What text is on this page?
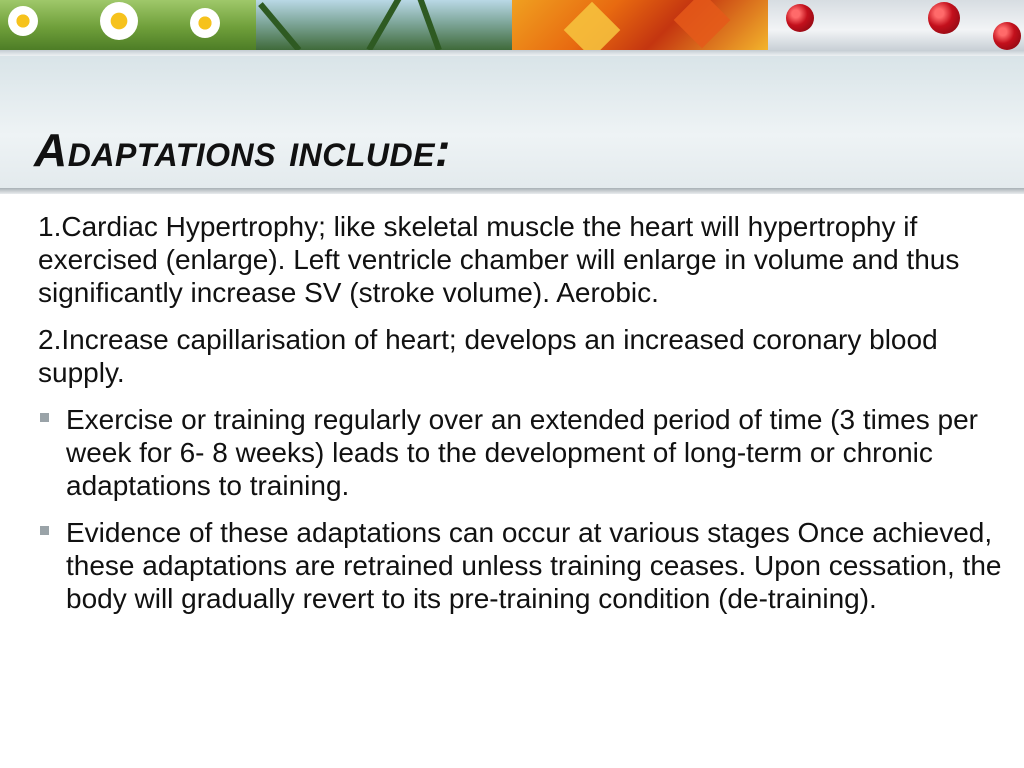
Adaptations include:

1.Cardiac Hypertrophy; like skeletal muscle the heart will hypertrophy if exercised (enlarge). Left ventricle chamber will enlarge in volume and thus significantly increase SV (stroke volume). Aerobic.

2.Increase capillarisation of heart; develops an increased coronary blood supply.

Exercise or training regularly over an extended period of time (3 times per week for 6- 8 weeks) leads to the development of long-term or chronic adaptations to training.
Evidence of these adaptations can occur at various stages Once achieved, these adaptations are retrained unless training ceases. Upon cessation, the body will gradually revert to its pre-training condition (de-training).
